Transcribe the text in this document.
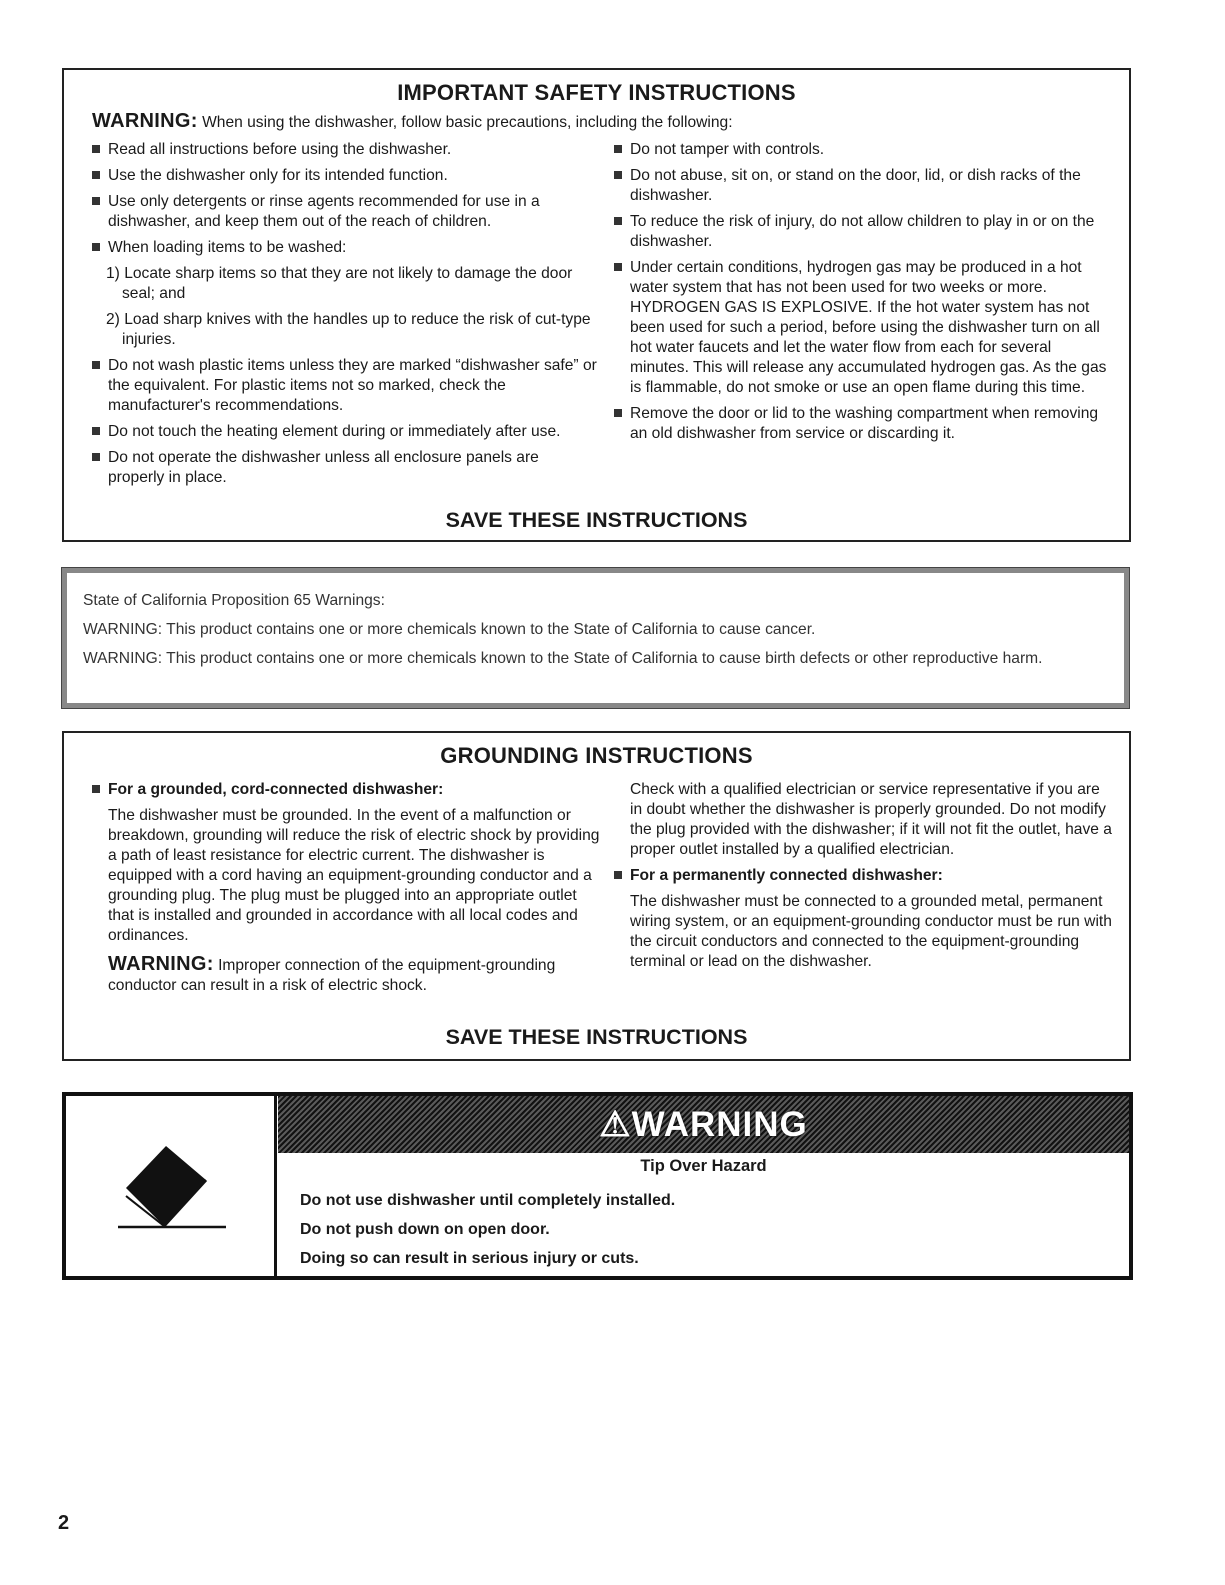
IMPORTANT SAFETY INSTRUCTIONS
WARNING: When using the dishwasher, follow basic precautions, including the following:
Read all instructions before using the dishwasher.
Use the dishwasher only for its intended function.
Use only detergents or rinse agents recommended for use in a dishwasher, and keep them out of the reach of children.
When loading items to be washed:
1) Locate sharp items so that they are not likely to damage the door seal; and
2) Load sharp knives with the handles up to reduce the risk of cut-type injuries.
Do not wash plastic items unless they are marked “dishwasher safe” or the equivalent. For plastic items not so marked, check the manufacturer's recommendations.
Do not touch the heating element during or immediately after use.
Do not operate the dishwasher unless all enclosure panels are properly in place.
Do not tamper with controls.
Do not abuse, sit on, or stand on the door, lid, or dish racks of the dishwasher.
To reduce the risk of injury, do not allow children to play in or on the dishwasher.
Under certain conditions, hydrogen gas may be produced in a hot water system that has not been used for two weeks or more. HYDROGEN GAS IS EXPLOSIVE. If the hot water system has not been used for such a period, before using the dishwasher turn on all hot water faucets and let the water flow from each for several minutes. This will release any accumulated hydrogen gas. As the gas is flammable, do not smoke or use an open flame during this time.
Remove the door or lid to the washing compartment when removing an old dishwasher from service or discarding it.
SAVE THESE INSTRUCTIONS
State of California Proposition 65 Warnings:
WARNING: This product contains one or more chemicals known to the State of California to cause cancer.
WARNING: This product contains one or more chemicals known to the State of California to cause birth defects or other reproductive harm.
GROUNDING INSTRUCTIONS
For a grounded, cord-connected dishwasher:
The dishwasher must be grounded. In the event of a malfunction or breakdown, grounding will reduce the risk of electric shock by providing a path of least resistance for electric current. The dishwasher is equipped with a cord having an equipment-grounding conductor and a grounding plug. The plug must be plugged into an appropriate outlet that is installed and grounded in accordance with all local codes and ordinances.
WARNING: Improper connection of the equipment-grounding conductor can result in a risk of electric shock.
Check with a qualified electrician or service representative if you are in doubt whether the dishwasher is properly grounded. Do not modify the plug provided with the dishwasher; if it will not fit the outlet, have a proper outlet installed by a qualified electrician.
For a permanently connected dishwasher:
The dishwasher must be connected to a grounded metal, permanent wiring system, or an equipment-grounding conductor must be run with the circuit conductors and connected to the equipment-grounding terminal or lead on the dishwasher.
SAVE THESE INSTRUCTIONS
⚠WARNING
Tip Over Hazard
Do not use dishwasher until completely installed.
Do not push down on open door.
Doing so can result in serious injury or cuts.
2
